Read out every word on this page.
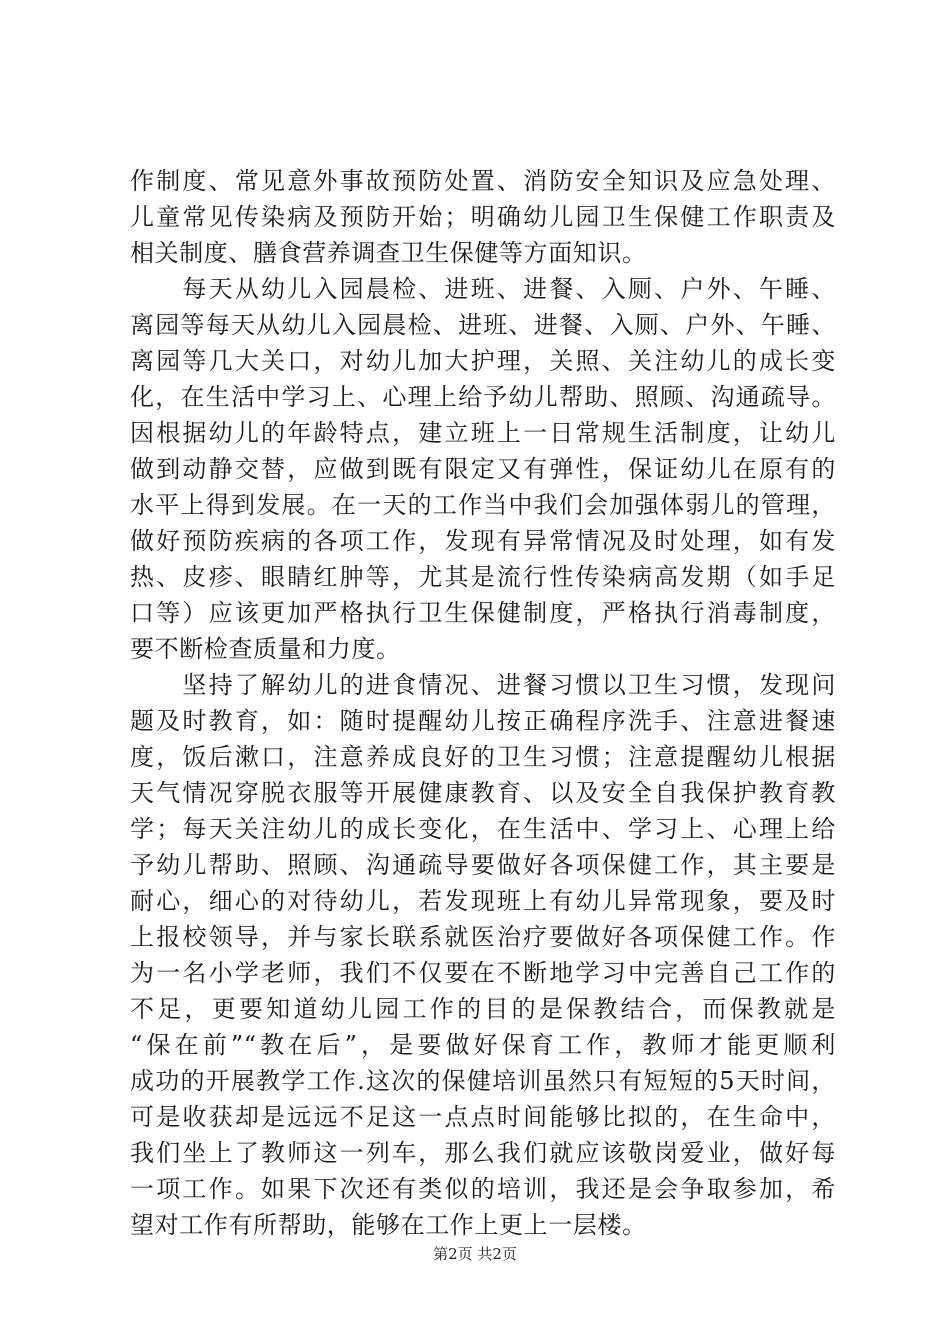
作制度、常见意外事故预防处置、消防安全知识及应急处理、
儿童常见传染病及预防开始；明确幼儿园卫生保健工作职责及
相关制度、膳食营养调查卫生保健等方面知识。
　　每天从幼儿入园晨检、进班、进餐、入厕、户外、午睡、
离园等每天从幼儿入园晨检、进班、进餐、入厕、户外、午睡、
离园等几大关口，对幼儿加大护理，关照、关注幼儿的成长变
化，在生活中学习上、心理上给予幼儿帮助、照顾、沟通疏导。
因根据幼儿的年龄特点，建立班上一日常规生活制度，让幼儿
做到动静交替，应做到既有限定又有弹性，保证幼儿在原有的
水平上得到发展。在一天的工作当中我们会加强体弱儿的管理，
做好预防疾病的各项工作，发现有异常情况及时处理，如有发
热、皮疹、眼睛红肿等，尤其是流行性传染病高发期（如手足
口等）应该更加严格执行卫生保健制度，严格执行消毒制度，
要不断检查质量和力度。
　　坚持了解幼儿的进食情况、进餐习惯以卫生习惯，发现问
题及时教育，如：随时提醒幼儿按正确程序洗手、注意进餐速
度，饭后漱口，注意养成良好的卫生习惯；注意提醒幼儿根据
天气情况穿脱衣服等开展健康教育、以及安全自我保护教育教
学；每天关注幼儿的成长变化，在生活中、学习上、心理上给
予幼儿帮助、照顾、沟通疏导要做好各项保健工作，其主要是
耐心，细心的对待幼儿，若发现班上有幼儿异常现象，要及时
上报校领导，并与家长联系就医治疗要做好各项保健工作。作
为一名小学老师，我们不仅要在不断地学习中完善自己工作的
不足，更要知道幼儿园工作的目的是保教结合，而保教就是
“保在前”“教在后”，是要做好保育工作，教师才能更顺利
成功的开展教学工作.这次的保健培训虽然只有短短的5天时间，
可是收获却是远远不足这一点点时间能够比拟的，在生命中，
我们坐上了教师这一列车，那么我们就应该敬岗爱业，做好每
一项工作。如果下次还有类似的培训，我还是会争取参加，希
望对工作有所帮助，能够在工作上更上一层楼。
第2页 共2页
